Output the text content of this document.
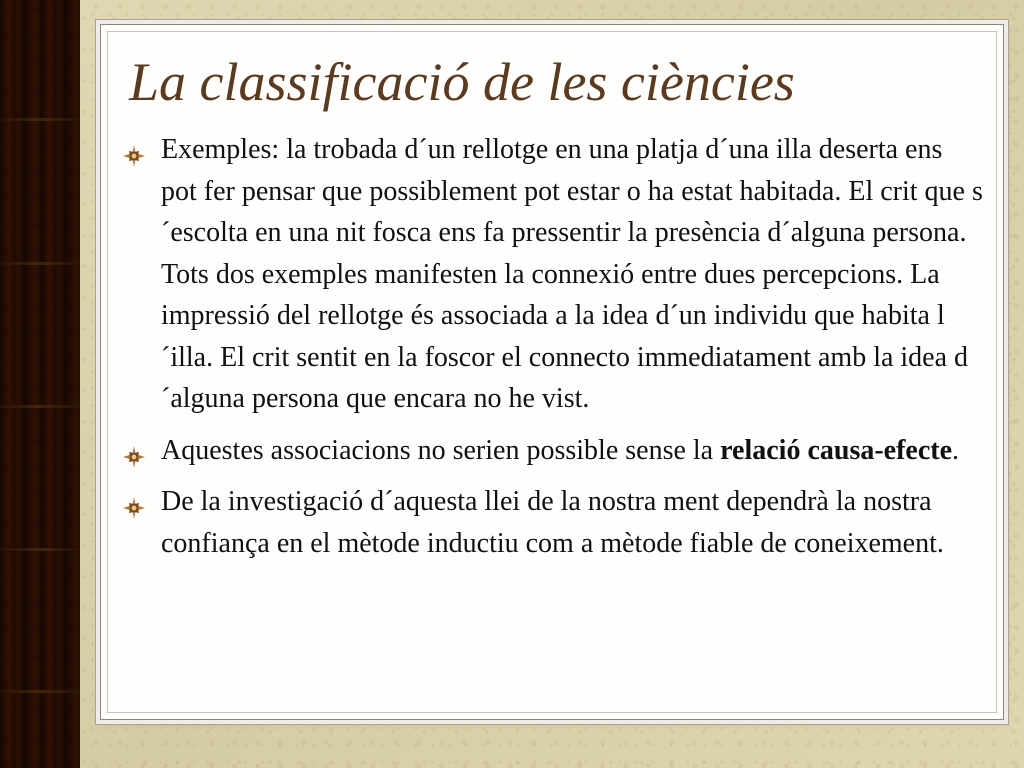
La classificació de les ciències
Exemples: la trobada d´un rellotge en una platja d´una illa deserta ens pot fer pensar que possiblement pot estar o ha estat habitada. El crit que s´escolta en una nit fosca ens fa pressentir la presència d´alguna persona. Tots dos exemples manifesten la connexió entre dues percepcions. La impressió del rellotge és associada a la idea d´un individu que habita l´illa. El crit sentit en la foscor el connecto immediatament amb la idea d´alguna persona que encara no he vist.
Aquestes associacions no serien possible sense la relació causa-efecte.
De la investigació d´aquesta llei de la nostra ment dependrà la nostra confiança en el mètode inductiu com a mètode fiable de coneixement.
